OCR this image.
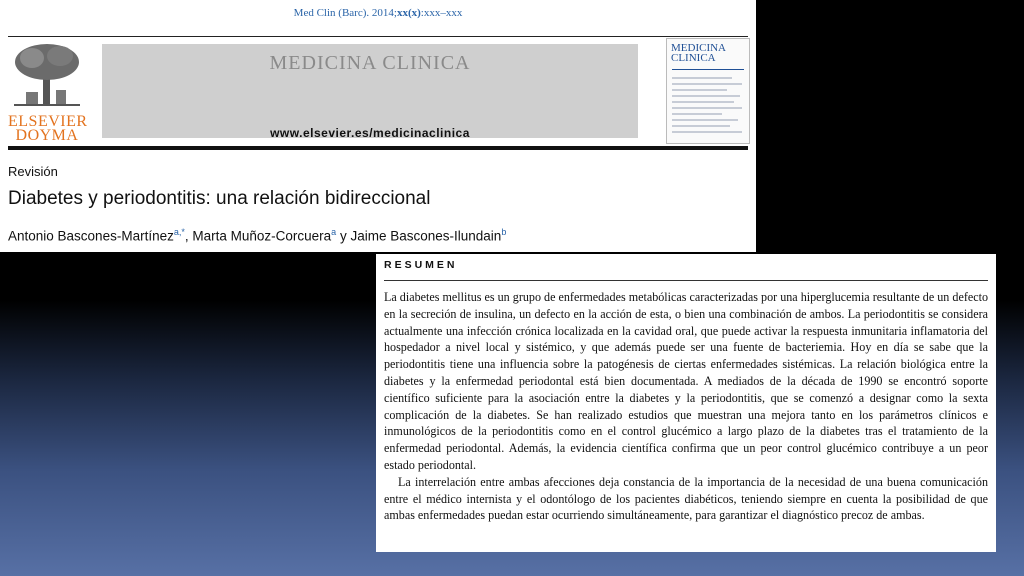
Med Clin (Barc). 2014;xx(x):xxx–xxx
ELSEVIER
DOYMA
MEDICINA CLINICA
www.elsevier.es/medicinaclinica
MEDICINA
CLINICA
Revisión
Diabetes y periodontitis: una relación bidireccional
Antonio Bascones-Martínez$^{a,*}$, Marta Muñoz-Corcuera$^a$ y Jaime Bascones-Ilundain$^b$
RESUMEN

La diabetes mellitus es un grupo de enfermedades metabólicas caracterizadas por una hiperglucemia resultante de un defecto en la secreción de insulina, un defecto en la acción de esta, o bien una combinación de ambos. La periodontitis se considera actualmente una infección crónica localizada en la cavidad oral, que puede activar la respuesta inmunitaria inflamatoria del hospedador a nivel local y sistémico, y que además puede ser una fuente de bacteriemia. Hoy en día se sabe que la periodontitis tiene una influencia sobre la patogénesis de ciertas enfermedades sistémicas. La relación biológica entre la diabetes y la enfermedad periodontal está bien documentada. A mediados de la década de 1990 se encontró soporte científico suficiente para la asociación entre la diabetes y la periodontitis, que se comenzó a designar como la sexta complicación de la diabetes. Se han realizado estudios que muestran una mejora tanto en los parámetros clínicos e inmunológicos de la periodontitis como en el control glucémico a largo plazo de la diabetes tras el tratamiento de la enfermedad periodontal. Además, la evidencia científica confirma que un peor control glucémico contribuye a un peor estado periodontal.

La interrelación entre ambas afecciones deja constancia de la importancia de la necesidad de una buena comunicación entre el médico internista y el odontólogo de los pacientes diabéticos, teniendo siempre en cuenta la posibilidad de que ambas enfermedades puedan estar ocurriendo simultáneamente, para garantizar el diagnóstico precoz de ambas.
